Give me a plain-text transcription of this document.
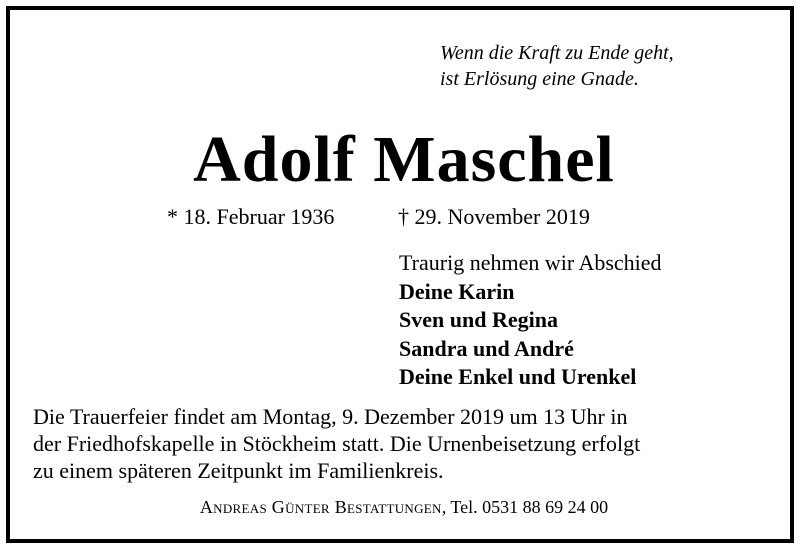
Wenn die Kraft zu Ende geht,
ist Erlösung eine Gnade.
Adolf Maschel
* 18. Februar 1936	† 29. November 2019
Traurig nehmen wir Abschied
Deine Karin
Sven und Regina
Sandra und André
Deine Enkel und Urenkel
Die Trauerfeier findet am Montag, 9. Dezember 2019 um 13 Uhr in
der Friedhofskapelle in Stöckheim statt. Die Urnenbeisetzung erfolgt
zu einem späteren Zeitpunkt im Familienkreis.
Andreas Günter Bestattungen, Tel. 0531 88 69 24 00
